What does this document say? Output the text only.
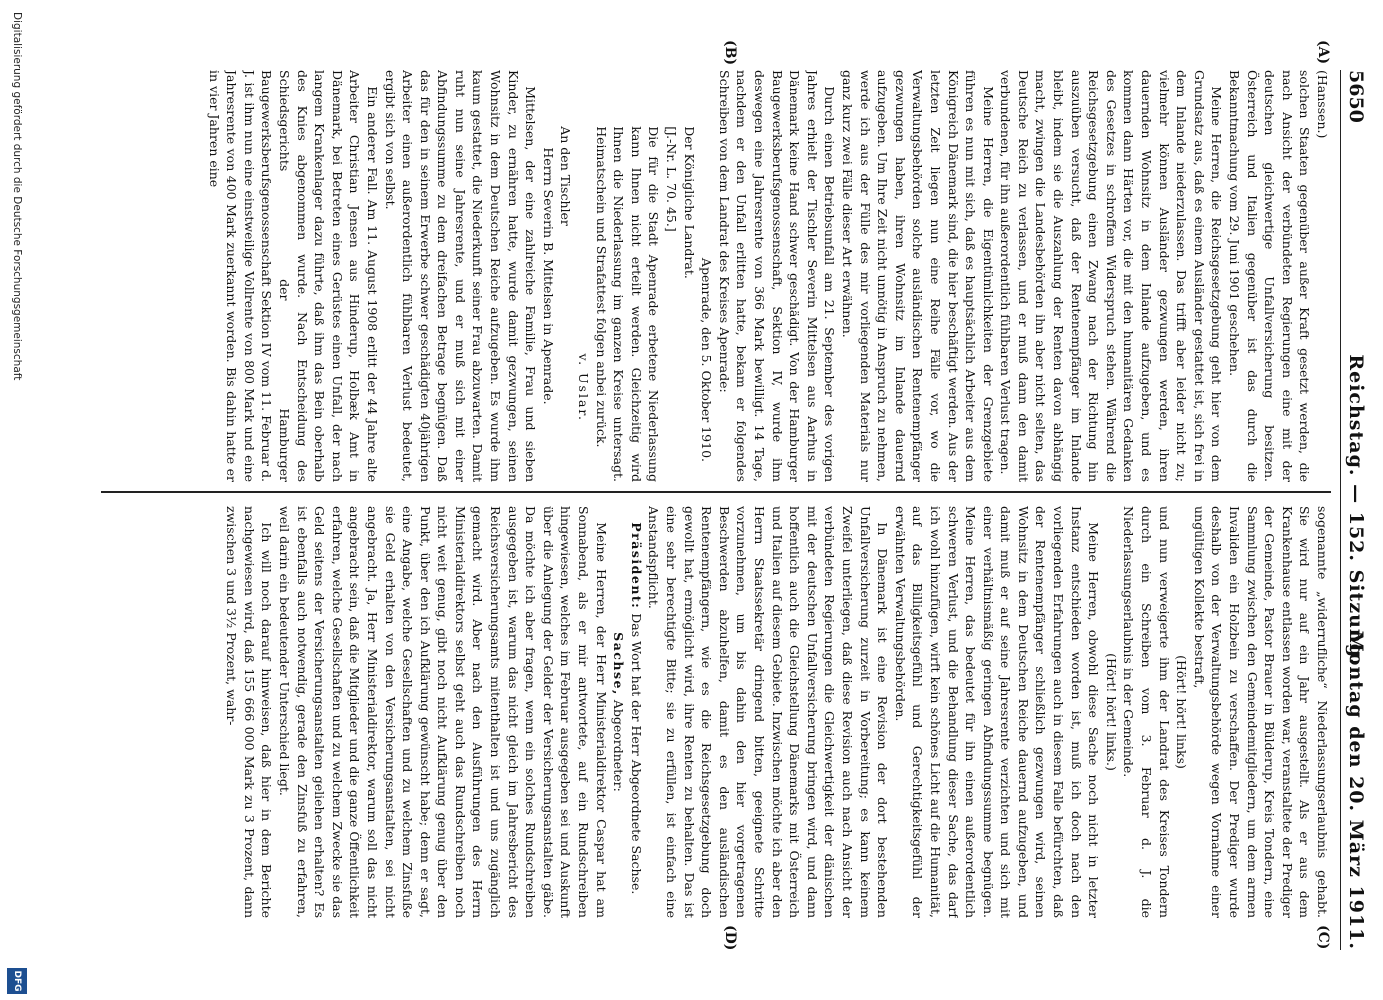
5650
Reichstag. — 152. Sitzung.
Montag den 20. März 1911.
(A)
(B)
(C)
(D)

(Hanssen.)

solchen Staaten gegenüber außer Kraft gesetzt werden, die nach Ansicht der verbündeten Regierungen eine mit der deutschen gleichwertige Unfallversicherung besitzen. Österreich und Italien gegenüber ist das durch die Bekanntmachung vom 29. Juni 1901 geschehen.

Meine Herren, die Reichsgesetzgebung geht hier von dem Grundsatz aus, daß es einem Ausländer gestattet ist, sich frei in dem Inlande niederzulassen. Das trifft aber leider nicht zu; vielmehr können Ausländer gezwungen werden, ihren dauernden Wohnsitz in dem Inlande aufzugeben, und es kommen dann Härten vor, die mit den humanitären Gedanken des Gesetzes in schroffem Widerspruch stehen. Während die Reichsgesetzgebung einen Zwang nach der Richtung hin auszuüben versucht, daß der Rentenempfänger im Inlande bleibt, indem sie die Auszahlung der Renten davon abhängig macht, zwingen die Landesbehörden ihn aber nicht selten, das Deutsche Reich zu verlassen, und er muß dann den damit verbundenen, für ihn außerordentlich fühlbaren Verlust tragen.

Meine Herren, die Eigentümlichkeiten der Grenzgebiete führen es nun mit sich, daß es hauptsächlich Arbeiter aus dem Königreich Dänemark sind, die hier beschäftigt werden. Aus der letzten Zeit liegen nun eine Reihe Fälle vor, wo die Verwaltungsbehörden solche ausländischen Rentenempfänger gezwungen haben, ihren Wohnsitz im Inlande dauernd aufzugeben. Um Ihre Zeit nicht unnötig in Anspruch zu nehmen, werde ich aus der Fülle des mir vorliegenden Materials nur ganz kurz zwei Fälle dieser Art erwähnen.

Durch einen Betriebsunfall am 21. September des vorigen Jahres erhielt der Tischler Severin Mittelsen aus Aarhus in Dänemark keine Hand schwer geschädigt. Von der Hamburger Baugewerksberufsgenossenschaft, Sektion IV, wurde ihm deswegen eine Jahresrente von 366 Mark bewilligt. 14 Tage, nachdem er den Unfall erlitten hatte, bekam er folgendes Schreiben von dem Landrat des Kreises Apenrade:

Apenrade, den 5. Oktober 1910.

Der Königliche Landrat.

[J.-Nr. L. 70. 45.]

Die für die Stadt Apenrade erbetene Niederlassung kann Ihnen nicht erteilt werden. Gleichzeitig wird Ihnen die Niederlassung im ganzen Kreise untersagt. Heimatschein und Strafattest folgen anbei zurück.

v. Uslar.

An den Tischler

Herrn Severin B. Mittelsen in Apenrade.

Mittelsen, der eine zahlreiche Familie, Frau und sieben Kinder, zu ernähren hatte, wurde damit gezwungen, seinen Wohnsitz in dem Deutschen Reiche aufzugeben. Es wurde ihm kaum gestattet, die Niederkunft seiner Frau abzuwarten. Damit ruht nun seine Jahresrente, und er muß sich mit einer Abfindungssumme zu dem dreifachen Betrage begnügen. Daß das für den in seinem Erwerbe schwer geschädigten 40jährigen Arbeiter einen außerordentlich fühlbaren Verlust bedeutet, ergibt sich von selbst.

Ein anderer Fall. Am 11. August 1908 erlitt der 44 Jahre alte Arbeiter Christian Jensen aus Hinderup, Holbæk Amt in Dänemark, bei Betreten eines Gerüstes einen Unfall, der nach langem Krankenlager dazu führte, daß ihm das Bein oberhalb des Knies abgenommen wurde. Nach Entscheidung des Schiedsgerichts der Hamburger Baugewerksberufsgenossenschaft Sektion IV vom 11. Februar d. J. ist ihm nun eine einstweilige Vollrente von 800 Mark und eine Jahresrente von 400 Mark zuerkannt worden. Bis dahin hatte er in vier Jahren eine

sogenannte „widerrufliche“ Niederlassungserlaubnis gehabt. Sie wird nur auf ein Jahr ausgestellt. Als er aus dem Krankenhause entlassen worden war, veranstaltete der Prediger der Gemeinde, Pastor Brauer in Bülderup, Kreis Tondern, eine Sammlung zwischen den Gemeindemitgliedern, um dem armen Invaliden ein Holzbein zu verschaffen. Der Prediger wurde deshalb von der Verwaltungsbehörde wegen Vornahme einer ungültigen Kollekte bestraft,

(Hört! hört! links)

und nun verweigerte ihm der Landrat des Kreises Tondern durch ein Schreiben vom 3. Februar d. J. die Niederlassungserlaubnis in der Gemeinde.

(Hört! hört! links.)

Meine Herren, obwohl diese Sache noch nicht in letzter Instanz entschieden worden ist, muß ich doch nach den vorliegenden Erfahrungen auch in diesem Falle befürchten, daß der Rentenempfänger schließlich gezwungen wird, seinen Wohnsitz in dem Deutschen Reiche dauernd aufzugeben, und damit muß er auf seine Jahresrente verzichten und sich mit einer verhältnismäßig geringen Abfindungssumme begnügen. Meine Herren, das bedeutet für ihn einen außerordentlich schweren Verlust, und die Behandlung dieser Sache, das darf ich wohl hinzufügen, wirft kein schönes Licht auf die Humanität, auf das Billigkeitsgefühl und Gerechtigkeitsgefühl der erwähnten Verwaltungsbehörden.

In Dänemark ist eine Revision der dort bestehenden Unfallversicherung zurzeit in Vorbereitung; es kann keinem Zweifel unterliegen, daß diese Revision auch nach Ansicht der verbündeten Regierungen die Gleichwertigkeit der dänischen mit der deutschen Unfallversicherung bringen wird, und dann hoffentlich auch die Gleichstellung Dänemarks mit Österreich und Italien auf diesem Gebiete. Inzwischen möchte ich aber den Herrn Staatssekretär dringend bitten, geeignete Schritte vorzunehmen, um bis dahin den hier vorgetragenen Beschwerden abzuhelfen, damit es den ausländischen Rentenempfängern, wie es die Reichsgesetzgebung doch gewollt hat, ermöglicht wird, ihre Renten zu behalten. Das ist eine sehr berechtigte Bitte; sie zu erfüllen, ist einfach eine Anstandspflicht.

Präsident: Das Wort hat der Herr Abgeordnete Sachse.

Sachse, Abgeordneter:

Meine Herren, der Herr Ministerialdirektor Caspar hat am Sonnabend, als er mir antwortete, auf ein Rundschreiben hingewiesen, welches im Februar ausgegeben sei und Auskunft über die Anlegung der Gelder der Versicherungsanstalten gäbe. Da möchte ich aber fragen, wenn ein solches Rundschreiben ausgegeben ist, warum das nicht gleich im Jahresbericht des Reichsversicherungsamts mitenthalten ist und uns zugänglich gemacht wird. Aber nach den Ausführungen des Herrn Ministerialdirektors selbst geht auch das Rundschreiben noch nicht weit genug, gibt noch nicht Aufklärung genug über den Punkt, über den ich Aufklärung gewünscht habe; denn er sagt, eine Angabe, welche Gesellschaften und zu welchem Zinsfuße sie Geld erhalten von den Versicherungsanstalten, sei nicht angebracht. Ja, Herr Ministerialdirektor, warum soll das nicht angebracht sein, daß die Mitglieder und die ganze Öffentlichkeit erfahren, welche Gesellschaften und zu welchem Zwecke sie das Geld seitens der Versicherungsanstalten geliehen erhalten? Es ist ebenfalls auch notwendig, gerade den Zinsfuß zu erfahren, weil darin ein bedeutender Unterschied liegt.

Ich will noch darauf hinweisen, daß hier in dem Berichte nachgewiesen wird, daß 155 666 000 Mark zu 3 Prozent, dann zwischen 3 und 3½ Prozent, wahr-

Digitalisierung gefördert durch die Deutsche Forschungsgemeinschaft
DFG
